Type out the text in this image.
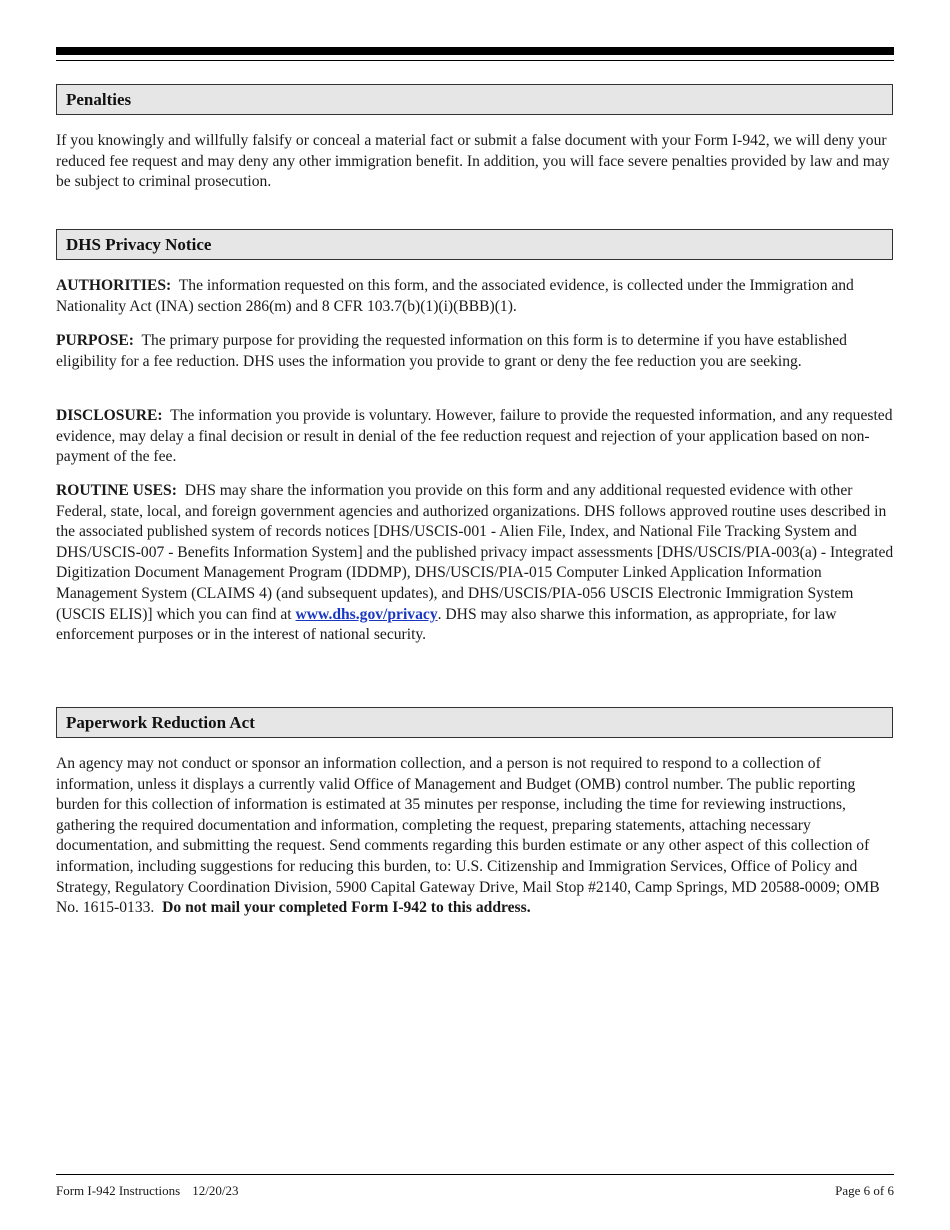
Penalties

If you knowingly and willfully falsify or conceal a material fact or submit a false document with your Form I-942, we will deny your reduced fee request and may deny any other immigration benefit. In addition, you will face severe penalties provided by law and may be subject to criminal prosecution.

DHS Privacy Notice

AUTHORITIES: The information requested on this form, and the associated evidence, is collected under the Immigration and Nationality Act (INA) section 286(m) and 8 CFR 103.7(b)(1)(i)(BBB)(1).

PURPOSE: The primary purpose for providing the requested information on this form is to determine if you have established eligibility for a fee reduction. DHS uses the information you provide to grant or deny the fee reduction you are seeking.

DISCLOSURE: The information you provide is voluntary. However, failure to provide the requested information, and any requested evidence, may delay a final decision or result in denial of the fee reduction request and rejection of your application based on non-payment of the fee.

ROUTINE USES: DHS may share the information you provide on this form and any additional requested evidence with other Federal, state, local, and foreign government agencies and authorized organizations. DHS follows approved routine uses described in the associated published system of records notices [DHS/USCIS-001 - Alien File, Index, and National File Tracking System and DHS/USCIS-007 - Benefits Information System] and the published privacy impact assessments [DHS/USCIS/PIA-003(a) - Integrated Digitization Document Management Program (IDDMP), DHS/USCIS/PIA-015 Computer Linked Application Information Management System (CLAIMS 4) (and subsequent updates), and DHS/USCIS/PIA-056 USCIS Electronic Immigration System (USCIS ELIS)] which you can find at www.dhs.gov/privacy. DHS may also sharwe this information, as appropriate, for law enforcement purposes or in the interest of national security.

Paperwork Reduction Act

An agency may not conduct or sponsor an information collection, and a person is not required to respond to a collection of information, unless it displays a currently valid Office of Management and Budget (OMB) control number. The public reporting burden for this collection of information is estimated at 35 minutes per response, including the time for reviewing instructions, gathering the required documentation and information, completing the request, preparing statements, attaching necessary documentation, and submitting the request. Send comments regarding this burden estimate or any other aspect of this collection of information, including suggestions for reducing this burden, to: U.S. Citizenship and Immigration Services, Office of Policy and Strategy, Regulatory Coordination Division, 5900 Capital Gateway Drive, Mail Stop #2140, Camp Springs, MD 20588-0009; OMB No. 1615-0133. Do not mail your completed Form I-942 to this address.

Form I-942 Instructions 12/20/23	Page 6 of 6
